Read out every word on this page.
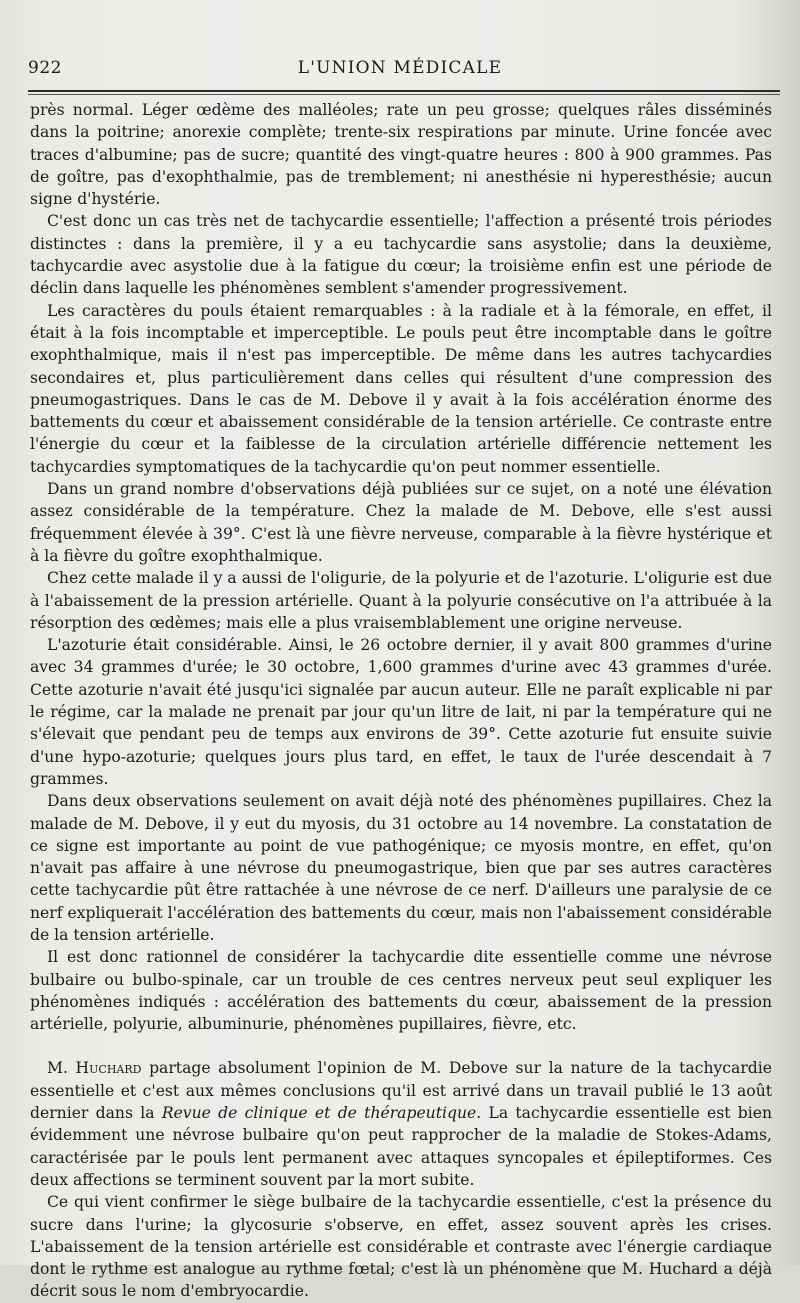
922	L'UNION MÉDICALE

près normal. Léger œdème des malléoles; rate un peu grosse; quelques râles disséminés dans la poitrine; anorexie complète; trente-six respirations par minute. Urine foncée avec traces d'albumine; pas de sucre; quantité des vingt-quatre heures : 800 à 900 grammes. Pas de goître, pas d'exophthalmie, pas de tremblement; ni anesthésie ni hyperesthésie; aucun signe d'hystérie.

C'est donc un cas très net de tachycardie essentielle; l'affection a présenté trois périodes distinctes : dans la première, il y a eu tachycardie sans asystolie; dans la deuxième, tachycardie avec asystolie due à la fatigue du cœur; la troisième enfin est une période de déclin dans laquelle les phénomènes semblent s'amender progressivement.

Les caractères du pouls étaient remarquables : à la radiale et à la fémorale, en effet, il était à la fois incomptable et imperceptible. Le pouls peut être incomptable dans le goître exophthalmique, mais il n'est pas imperceptible. De même dans les autres tachycardies secondaires et, plus particulièrement dans celles qui résultent d'une compression des pneumogastriques. Dans le cas de M. Debove il y avait à la fois accélération énorme des battements du cœur et abaissement considérable de la tension artérielle. Ce contraste entre l'énergie du cœur et la faiblesse de la circulation artérielle différencie nettement les tachycardies symptomatiques de la tachycardie qu'on peut nommer essentielle.

Dans un grand nombre d'observations déjà publiées sur ce sujet, on a noté une élévation assez considérable de la température. Chez la malade de M. Debove, elle s'est aussi fréquemment élevée à 39°. C'est là une fièvre nerveuse, comparable à la fièvre hystérique et à la fièvre du goître exophthalmique.

Chez cette malade il y a aussi de l'oligurie, de la polyurie et de l'azoturie. L'oligurie est due à l'abaissement de la pression artérielle. Quant à la polyurie consécutive on l'a attribuée à la résorption des œdèmes; mais elle a plus vraisemblablement une origine nerveuse.

L'azoturie était considérable. Ainsi, le 26 octobre dernier, il y avait 800 grammes d'urine avec 34 grammes d'urée; le 30 octobre, 1,600 grammes d'urine avec 43 grammes d'urée. Cette azoturie n'avait été jusqu'ici signalée par aucun auteur. Elle ne paraît explicable ni par le régime, car la malade ne prenait par jour qu'un litre de lait, ni par la température qui ne s'élevait que pendant peu de temps aux environs de 39°. Cette azoturie fut ensuite suivie d'une hypo-azoturie; quelques jours plus tard, en effet, le taux de l'urée descendait à 7 grammes.

Dans deux observations seulement on avait déjà noté des phénomènes pupillaires. Chez la malade de M. Debove, il y eut du myosis, du 31 octobre au 14 novembre. La constatation de ce signe est importante au point de vue pathogénique; ce myosis montre, en effet, qu'on n'avait pas affaire à une névrose du pneumogastrique, bien que par ses autres caractères cette tachycardie pût être rattachée à une névrose de ce nerf. D'ailleurs une paralysie de ce nerf expliquerait l'accélération des battements du cœur, mais non l'abaissement considérable de la tension artérielle.

Il est donc rationnel de considérer la tachycardie dite essentielle comme une névrose bulbaire ou bulbo-spinale, car un trouble de ces centres nerveux peut seul expliquer les phénomènes indiqués : accélération des battements du cœur, abaissement de la pression artérielle, polyurie, albuminurie, phénomènes pupillaires, fièvre, etc.

M. Huchard partage absolument l'opinion de M. Debove sur la nature de la tachycardie essentielle et c'est aux mêmes conclusions qu'il est arrivé dans un travail publié le 13 août dernier dans la Revue de clinique et de thérapeutique. La tachycardie essentielle est bien évidemment une névrose bulbaire qu'on peut rapprocher de la maladie de Stokes-Adams, caractérisée par le pouls lent permanent avec attaques syncopales et épileptiformes. Ces deux affections se terminent souvent par la mort subite.

Ce qui vient confirmer le siège bulbaire de la tachycardie essentielle, c'est la présence du sucre dans l'urine; la glycosurie s'observe, en effet, assez souvent après les crises. L'abaissement de la tension artérielle est considérable et contraste avec l'énergie cardiaque dont le rythme est analogue au rythme fœtal; c'est là un phénomène que M. Huchard a déjà décrit sous le nom d'embryocardie.
